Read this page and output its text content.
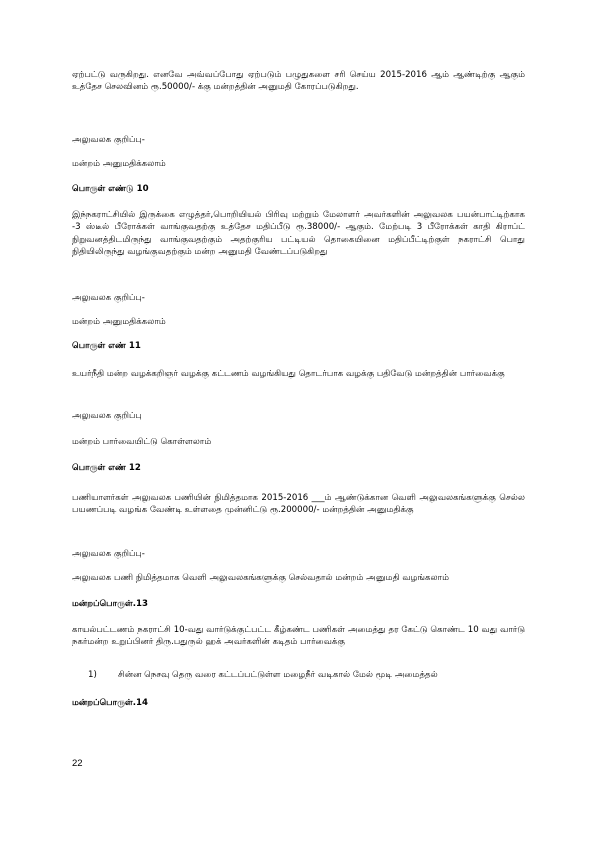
ஏற்பட்டு வருகிறது. எனவே அவ்வப்போது ஏற்படும் பழுதுகளை சரி செய்ய 2015-2016 ஆம் ஆண்டிற்கு ஆகும் உத்தேச செலவினம் ரூ.50000/- க்கு மன்றத்தின் அனுமதி கோரப்படுகிறது.
அலுவலக குறிப்பு-
மன்றம் அனுமதிக்கலாம்
பொருள் எண்டு 10
இந்நகராட்சியில் இருக்கை எழுத்தர்,பொறியியல் பிரிவு மற்றும் மேலாளர் அவர்களின் அலுவலக பயன்பாட்டிற்காக -3 ஸ்டீல் பீரோக்கள் வாங்குவதற்கு உத்தேச மதிப்பீடு ரூ.38000/- ஆகும். மேற்படி 3 பீரோக்கள் காதி கிராப்ட் நிறுவனத்திடமிருந்து வாங்குவதற்கும் அதற்குரிய பட்டியல் தொகையினை மதிப்பீட்டிற்குள் நகராட்சி பொது நிதியிலிருந்து வழங்குவதற்கும் மன்ற அனுமதி வேண்டப்படுகிறது
அலுவலக குறிப்பு-
மன்றம் அனுமதிக்கலாம்
பொருள் எண் 11
உயர்நீதி மன்ற வழக்கறிஞர் வழக்கு கட்டணம் வழங்கியது தொடர்பாக வழக்கு பதிவேடு மன்றத்தின் பார்வைக்கு
அலுவலக குறிப்பு
மன்றம் பார்வையிட்டு கொள்ளலாம்
பொருள் எண் 12
பணியாளர்கள் அலுவலக பணியின் நிமித்தமாக 2015-2016 ___ம் ஆண்டுக்கான வெளி அலுவலகங்களுக்கு செல்ல பயணப்படி வழங்க வேண்டி உள்ளதை முன்னிட்டு ரூ.200000/- மன்றத்தின் அனுமதிக்கு
அலுவலக குறிப்பு-
அலுவலக பணி நிமித்தமாக வெளி அலுவலகங்களுக்கு செல்வதால் மன்றம் அனுமதி வழங்கலாம்
மன்றப்பொருள்.13
காயல்பட்டணம் நகராட்சி 10-வது வார்டுக்குட்பட்ட கீழ்கண்ட பணிகள் அமைத்து தர கேட்டு கொண்ட 10 வது வார்டு நகர்மன்ற உறுப்பினர் திரு.பதுருல் ஹக் அவர்களின் கடிதம் பார்வைக்கு
1) சின்ன நெசவு தெரு வரை கட்டப்பட்டுள்ள மழைநீர் வடிகால் மேல் மூடி அமைத்தல்
மன்றப்பொருள்.14
22
